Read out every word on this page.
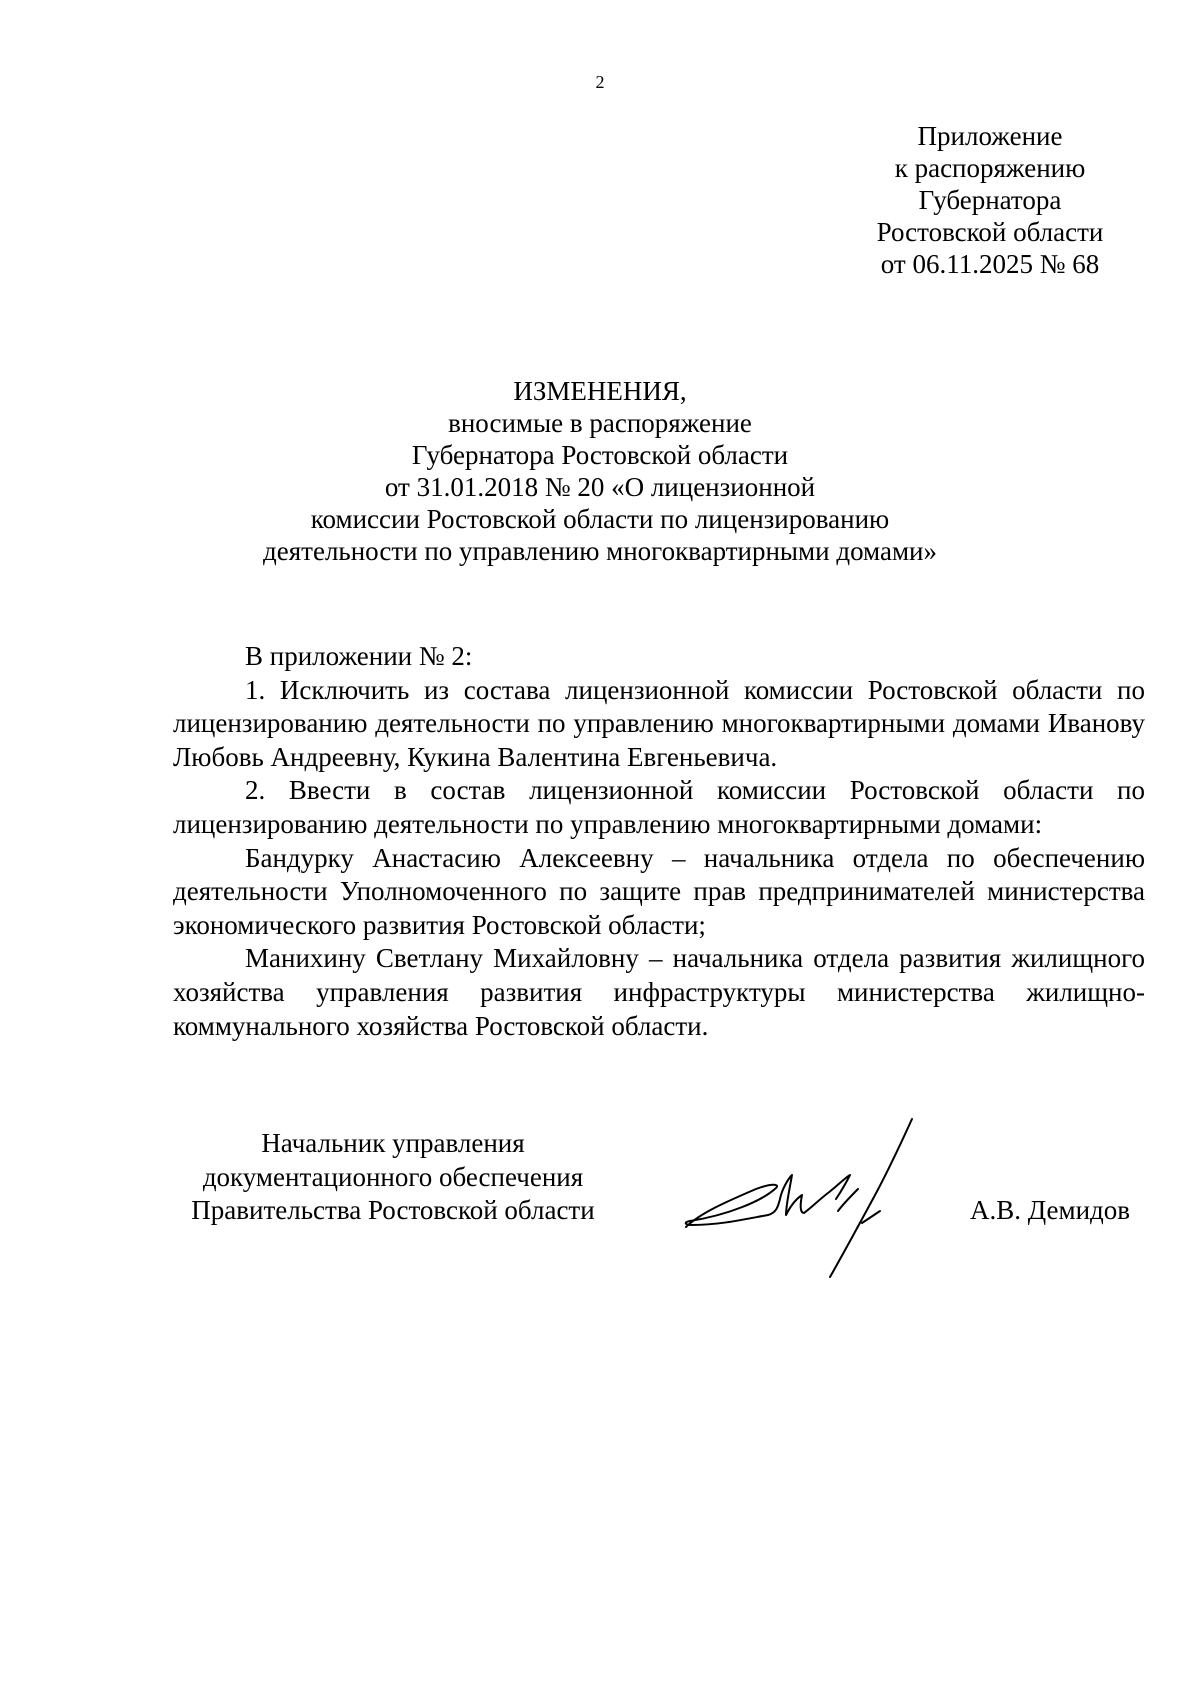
2
Приложение
к распоряжению
Губернатора
Ростовской области
от 06.11.2025 № 68
ИЗМЕНЕНИЯ,
вносимые в распоряжение
Губернатора Ростовской области
от 31.01.2018 № 20 «О лицензионной
комиссии Ростовской области по лицензированию
деятельности по управлению многоквартирными домами»

В приложении № 2:

1. Исключить из состава лицензионной комиссии Ростовской области по лицензированию деятельности по управлению многоквартирными домами Иванову Любовь Андреевну, Кукина Валентина Евгеньевича.

2. Ввести в состав лицензионной комиссии Ростовской области по лицензированию деятельности по управлению многоквартирными домами:

Бандурку Анастасию Алексеевну – начальника отдела по обеспечению деятельности Уполномоченного по защите прав предпринимателей министерства экономического развития Ростовской области;

Манихину Светлану Михайловну – начальника отдела развития жилищного хозяйства управления развития инфраструктуры министерства жилищно-коммунального хозяйства Ростовской области.

Начальник управления
документационного обеспечения
Правительства Ростовской области	А.В. Демидов
